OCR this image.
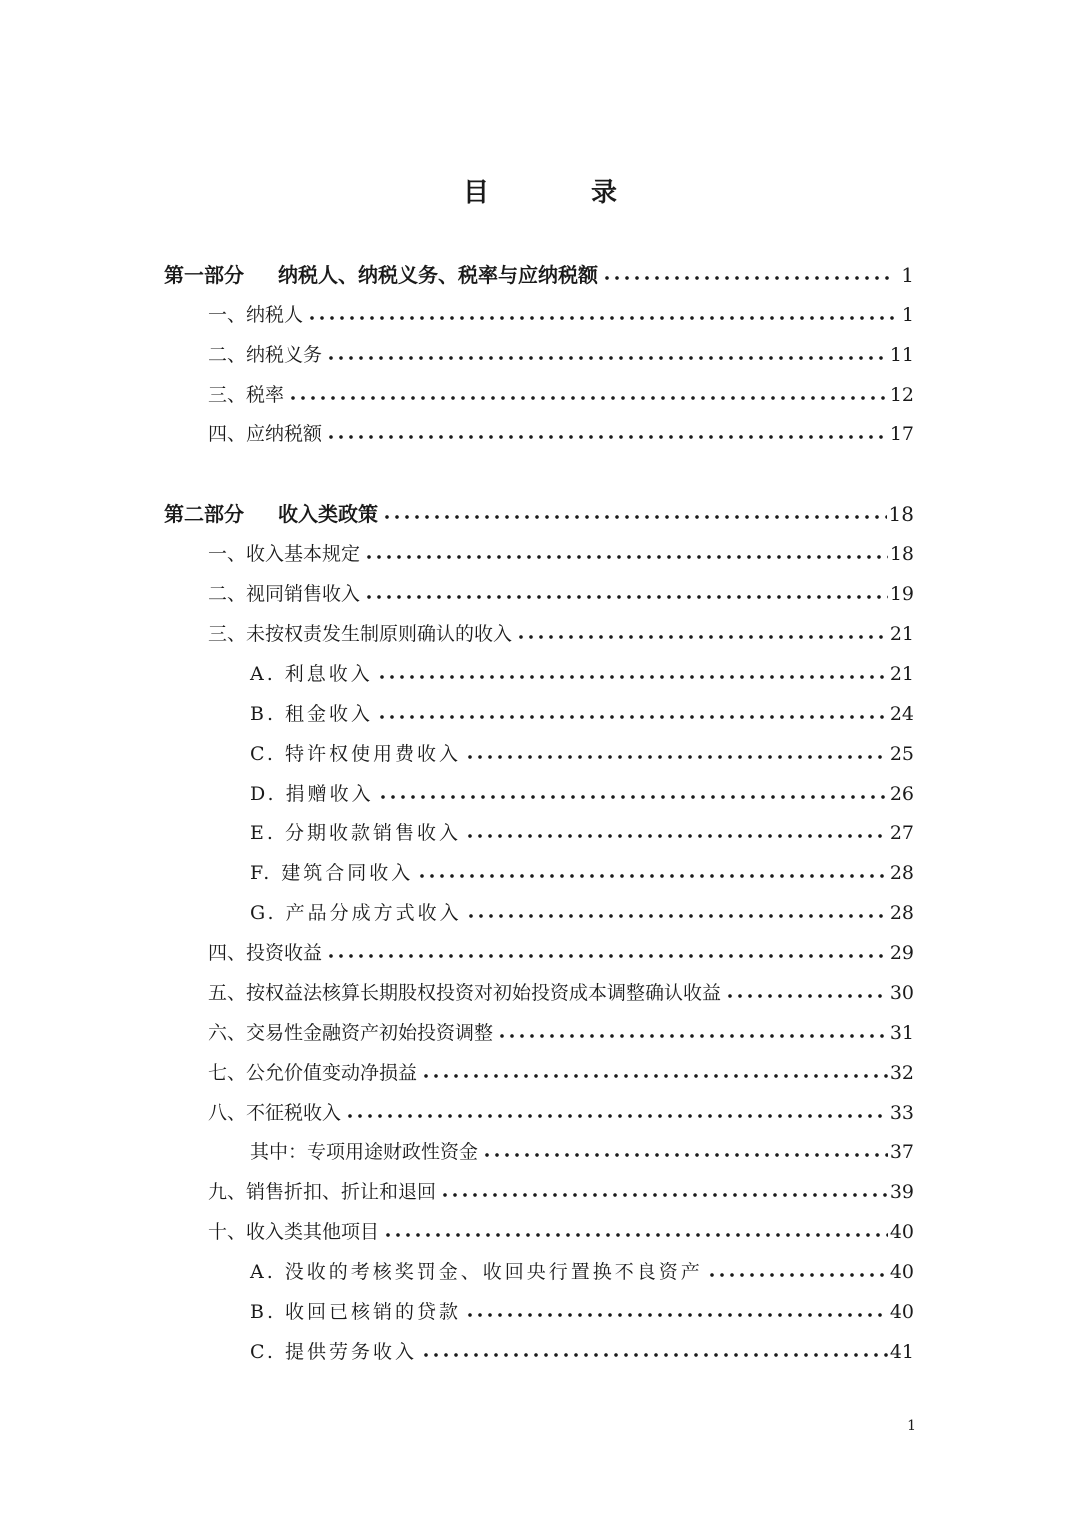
目　录
第一部分 纳税人、纳税义务、税率与应纳税额	1
一、纳税人	1
二、纳税义务	11
三、税率	12
四、应纳税额	17
第二部分 收入类政策	18
一、收入基本规定	18
二、视同销售收入	19
三、未按权责发生制原则确认的收入	21
A. 利息收入	21
B. 租金收入	24
C. 特许权使用费收入	25
D. 捐赠收入	26
E. 分期收款销售收入	27
F. 建筑合同收入	28
G. 产品分成方式收入	28
四、投资收益	29
五、按权益法核算长期股权投资对初始投资成本调整确认收益	30
六、交易性金融资产初始投资调整	31
七、公允价值变动净损益	32
八、不征税收入	33
其中：专项用途财政性资金	37
九、销售折扣、折让和退回	39
十、收入类其他项目	40
A. 没收的考核奖罚金、收回央行置换不良资产	40
B. 收回已核销的贷款	40
C. 提供劳务收入	41
1
